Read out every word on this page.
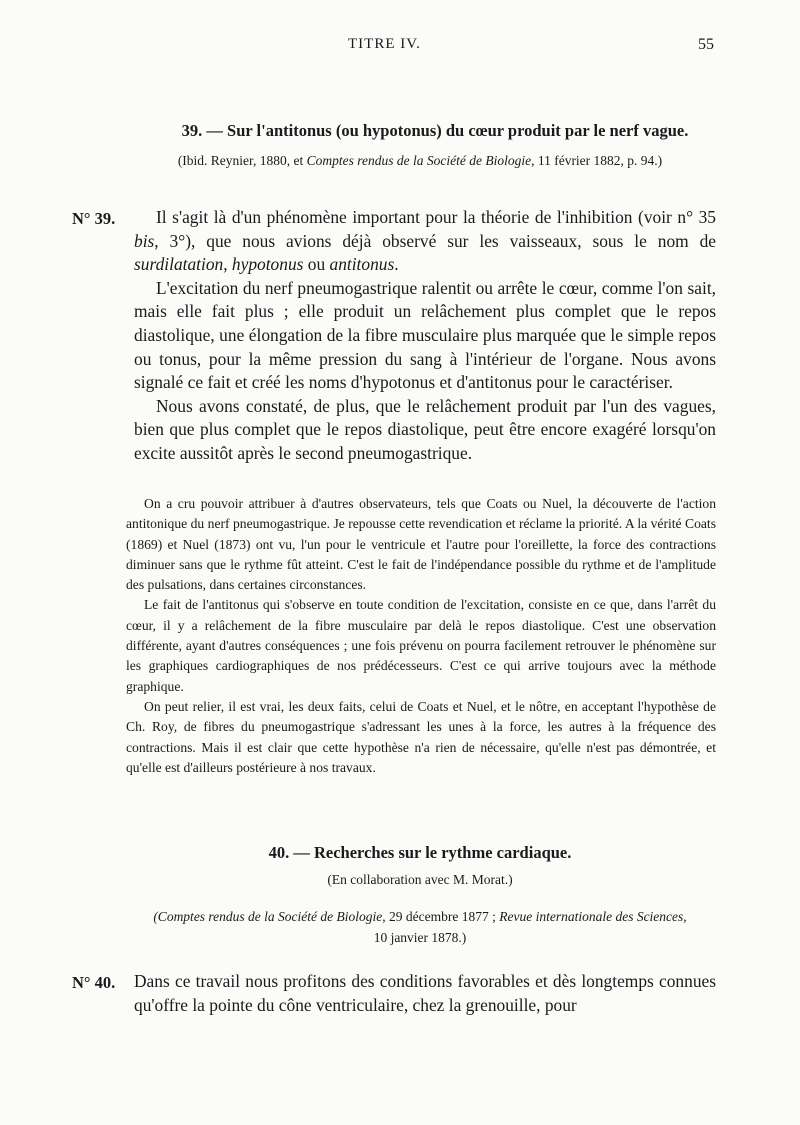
TITRE IV.	55
39. — Sur l'antitonus (ou hypotonus) du cœur produit par le nerf vague.
(Ibid. Reynier, 1880, et Comptes rendus de la Société de Biologie, 11 février 1882, p. 94.)
N° 39.	Il s'agit là d'un phénomène important pour la théorie de l'inhibition (voir n° 35 bis, 3°), que nous avions déjà observé sur les vaisseaux, sous le nom de surdilatation, hypotonus ou antitonus.

L'excitation du nerf pneumogastrique ralentit ou arrête le cœur, comme l'on sait, mais elle fait plus ; elle produit un relâchement plus complet que le repos diastolique, une élongation de la fibre musculaire plus marquée que le simple repos ou tonus, pour la même pression du sang à l'intérieur de l'organe. Nous avons signalé ce fait et créé les noms d'hypotonus et d'antitonus pour le caractériser.

Nous avons constaté, de plus, que le relâchement produit par l'un des vagues, bien que plus complet que le repos diastolique, peut être encore exagéré lorsqu'on excite aussitôt après le second pneumogastrique.

On a cru pouvoir attribuer à d'autres observateurs, tels que Coats ou Nuel, la découverte de l'action antitonique du nerf pneumogastrique. Je repousse cette revendication et réclame la priorité. A la vérité Coats (1869) et Nuel (1873) ont vu, l'un pour le ventricule et l'autre pour l'oreillette, la force des contractions diminuer sans que le rythme fût atteint. C'est le fait de l'indépendance possible du rythme et de l'amplitude des pulsations, dans certaines circonstances.

Le fait de l'antitonus qui s'observe en toute condition de l'excitation, consiste en ce que, dans l'arrêt du cœur, il y a relâchement de la fibre musculaire par delà le repos diastolique. C'est une observation différente, ayant d'autres conséquences ; une fois prévenu on pourra facilement retrouver le phénomène sur les graphiques cardiographiques de nos prédécesseurs. C'est ce qui arrive toujours avec la méthode graphique.

On peut relier, il est vrai, les deux faits, celui de Coats et Nuel, et le nôtre, en acceptant l'hypothèse de Ch. Roy, de fibres du pneumogastrique s'adressant les unes à la force, les autres à la fréquence des contractions. Mais il est clair que cette hypothèse n'a rien de nécessaire, qu'elle n'est pas démontrée, et qu'elle est d'ailleurs postérieure à nos travaux.

40. — Recherches sur le rythme cardiaque.
(En collaboration avec M. Morat.)
(Comptes rendus de la Société de Biologie, 29 décembre 1877 ; Revue internationale des Sciences, 10 janvier 1878.)
N° 40. Dans ce travail nous profitons des conditions favorables et dès longtemps connues qu'offre la pointe du cône ventriculaire, chez la grenouille, pour
